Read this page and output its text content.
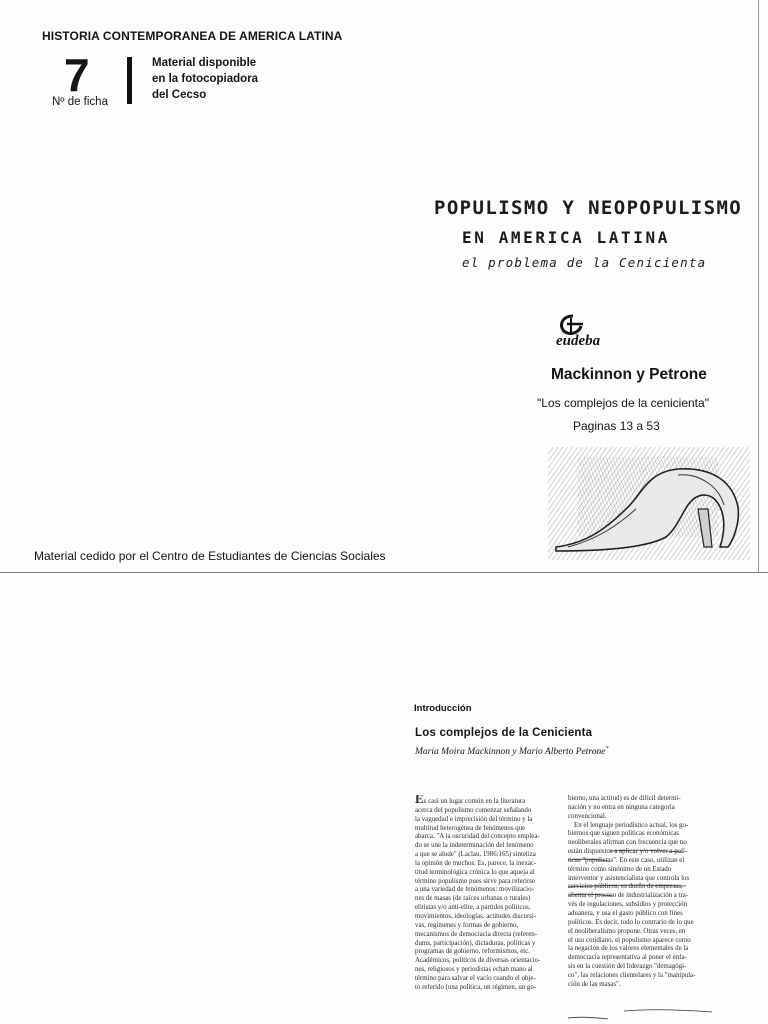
HISTORIA CONTEMPORANEA DE AMERICA LATINA
7
Nº de ficha
Material disponible
en la fotocopiadora
del Cecso
POPULISMO Y NEOPOPULISMO
EN AMERICA LATINA
el problema de la Cenicienta
eudeba
Mackinnon y Petrone
"Los complejos de la cenicienta"
Paginas 13 a 53
Material cedido por el Centro de Estudiantes de Ciencias Sociales
Introducción
Los complejos de la Cenicienta
María Moira Mackinnon y Mario Alberto Petrone*
Es casi un lugar común en la literatura
acerca del populismo comenzar señalando
la vaguedad e imprecisión del término y la
multitud heterogénea de fenómenos que
abarca. "A la oscuridad del concepto empleа-
do se une la indeterminación del fenómeno
a que se alude" (Laclau, 1986:165) sintetiza
la opinión de muchos. Es, parece, la inexac-
titud terminológica crónica lo que aqueja al
término populismo pues sirve para referirse
a una variedad de fenómenos: movilizacio-
nes de masas (de raíces urbanas o rurales)
elitistas y/o anti-elite, a partidos políticos,
movimientos, ideologías, actitudes discursi-
vas, regímenes y formas de gobierno,
mecanismos de democracia directa (referen-
dums, participación), dictaduras, políticas y
programas de gobierno, reformismos, etc.
Académicos, políticos de diversas orientacio-
nes, religiosos y periodistas echan mano al
término para salvar el vacío cuando el obje-
to referido (una política, un régimen, un go-
bierno, una actitud) es de difícil determi-
nación y no entra en ninguna categoría
convencional.
En el lenguaje periodístico actual, los go-
biernos que siguen políticas económicas
neoliberales afirman con frecuencia que no
están dispuestos a aplicar y/o volver a polí-
ticas "populistas". En este caso, utilizan el
término como sinónimo de un Estado
interventor y asistencialista que controla los
servicios públicos, es dueño de empresas,
alienta el proceso de industrialización a tra-
vés de regulaciones, subsidios y protección
aduanera, y usa el gasto público con fines
políticos. Es decir, todo lo contrario de lo que
el neoliberalismo propone. Otras veces, en
el uso cotidiano, el populismo aparece como
la negación de los valores elementales de la
democracia representativa al poner el énfa-
sis en la cuestión del liderazgo "demagógi-
co", las relaciones clientelares y la "manipula-
ción de las masas".
